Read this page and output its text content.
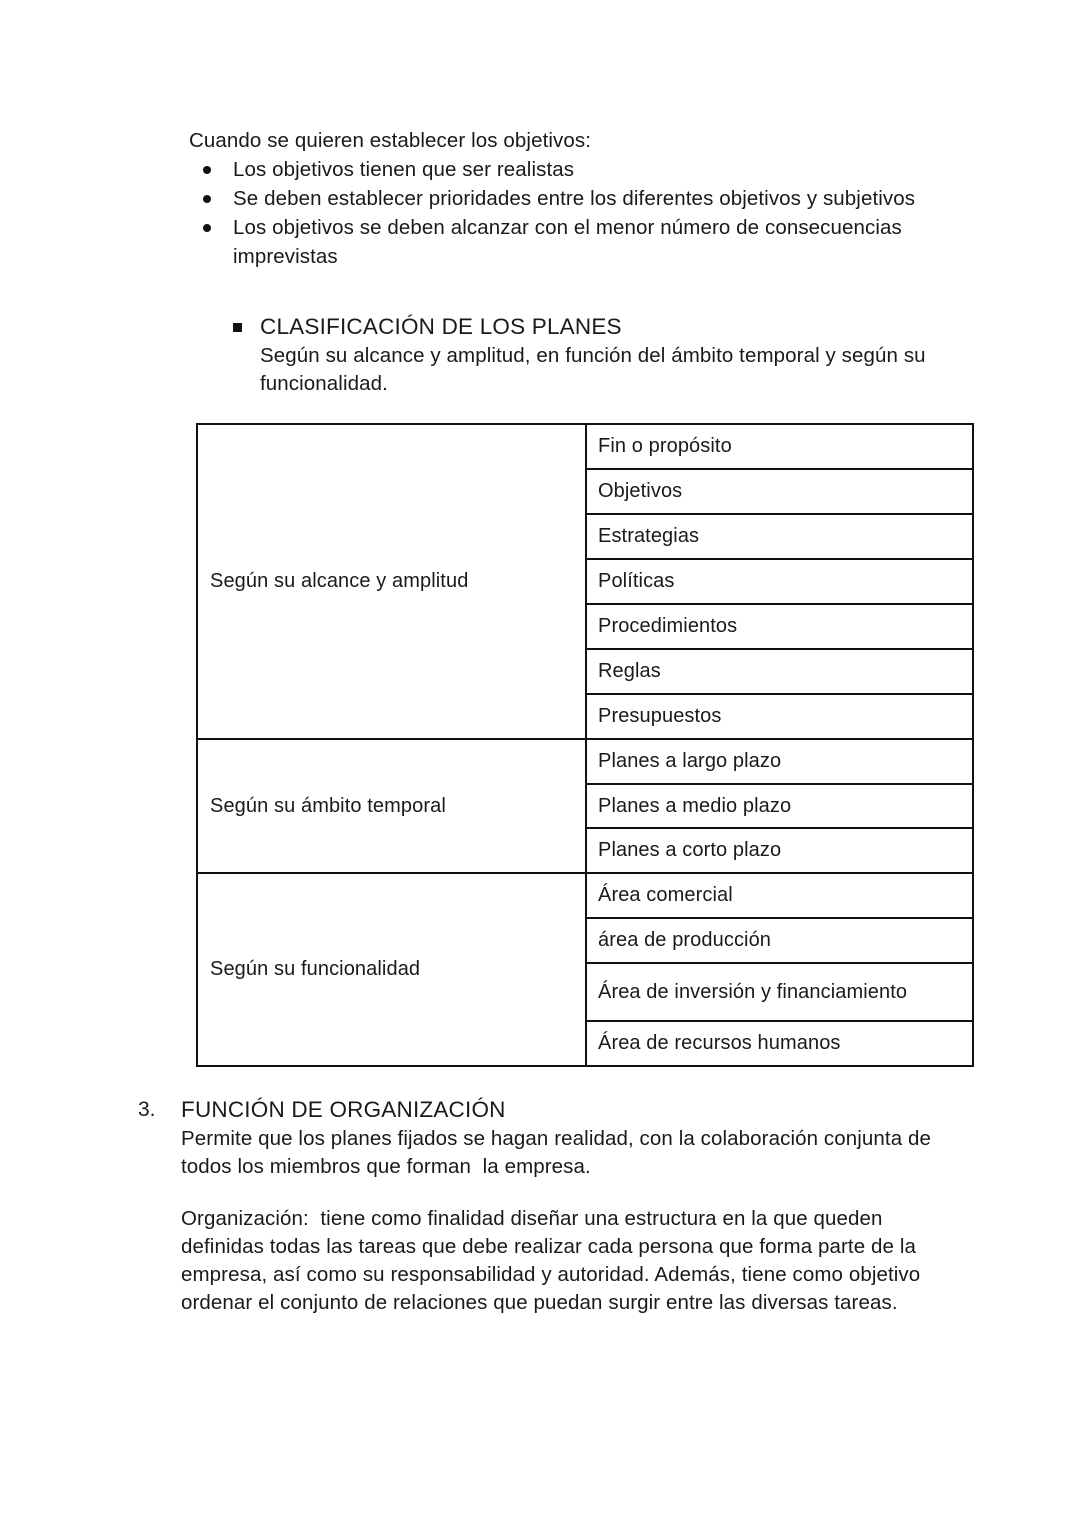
Cuando se quieren establecer los objetivos:
Los objetivos tienen que ser realistas
Se deben establecer prioridades entre los diferentes objetivos y subjetivos
Los objetivos se deben alcanzar con el menor número de consecuencias imprevistas
CLASIFICACIÓN DE LOS PLANES
Según su alcance y amplitud, en función del ámbito temporal y según su funcionalidad.
Según su alcance y amplitud	Fin o propósito
	Objetivos
	Estrategias
	Políticas
	Procedimientos
	Reglas
	Presupuestos
Según su ámbito temporal	Planes a largo plazo
	Planes a medio plazo
	Planes a corto plazo
Según su funcionalidad	Área comercial
	área de producción
	Área de inversión y financiamiento
	Área de recursos humanos
3. FUNCIÓN DE ORGANIZACIÓN
Permite que los planes fijados se hagan realidad, con la colaboración conjunta de todos los miembros que forman  la empresa.
Organización:  tiene como finalidad diseñar una estructura en la que queden definidas todas las tareas que debe realizar cada persona que forma parte de la empresa, así como su responsabilidad y autoridad. Además, tiene como objetivo ordenar el conjunto de relaciones que puedan surgir entre las diversas tareas.
